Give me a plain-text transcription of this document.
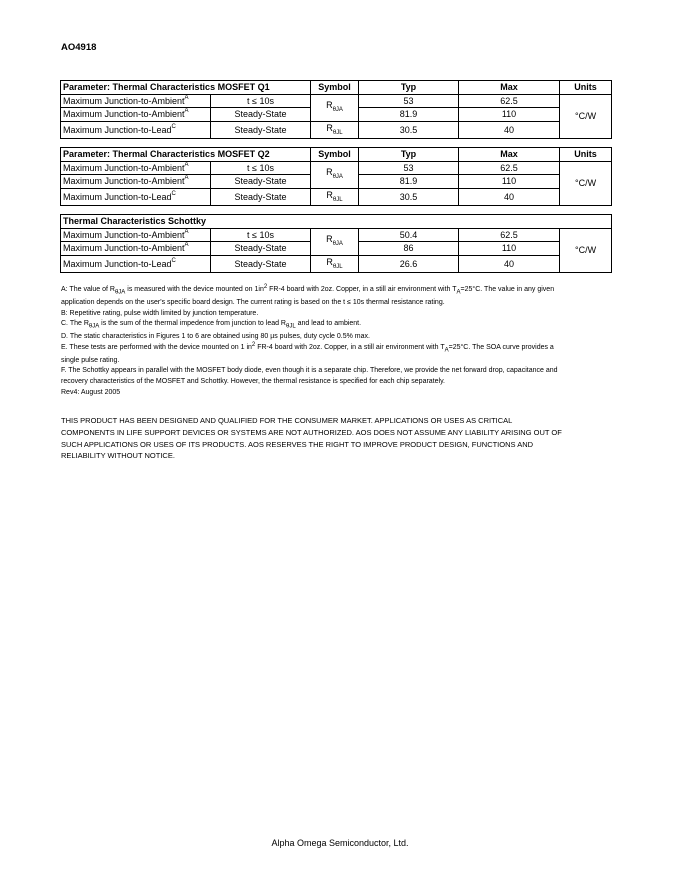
AO4918
Parameter: Thermal Characteristics MOSFET Q1		Symbol	Typ	Max	Units
Maximum Junction-to-Ambient$^A$	t ≤ 10s	$R_{\theta JA}$	53	62.5	°C/W
Maximum Junction-to-Ambient$^A$	Steady-State		81.9	110	
Maximum Junction-to-Lead$^C$	Steady-State	$R_{\theta JL}$	30.5	40	
Parameter: Thermal Characteristics MOSFET Q2		Symbol	Typ	Max	Units
Maximum Junction-to-Ambient$^A$	t ≤ 10s	$R_{\theta JA}$	53	62.5	°C/W
Maximum Junction-to-Ambient$^A$	Steady-State		81.9	110	
Maximum Junction-to-Lead$^C$	Steady-State	$R_{\theta JL}$	30.5	40	
Thermal Characteristics Schottky					
Maximum Junction-to-Ambient$^A$	t ≤ 10s	$R_{\theta JA}$	50.4	62.5	°C/W
Maximum Junction-to-Ambient$^A$	Steady-State		86	110	
Maximum Junction-to-Lead$^C$	Steady-State	$R_{\theta JL}$	26.6	40	

A: The value of $R_{\theta JA}$ is measured with the device mounted on $1in^2$ FR-4 board with 2oz. Copper, in a still air environment with $T_A=25^\circ C$. The value in any given application depends on the user's specific board design. The current rating is based on the t ≤ 10s thermal resistance rating.

B: Repetitive rating, pulse width limited by junction temperature.

C. The $R_{\theta JA}$ is the sum of the thermal impedence from junction to lead $R_{\theta JL}$ and lead to ambient.

D. The static characteristics in Figures 1 to 6 are obtained using 80 µs pulses, duty cycle 0.5% max.

E. These tests are performed with the device mounted on 1 $in^2$ FR-4 board with 2oz. Copper, in a still air environment with $T_A=25^\circ C$. The SOA curve provides a single pulse rating.

F. The Schottky appears in parallel with the MOSFET body diode, even though it is a separate chip. Therefore, we provide the net forward drop, capacitance and recovery characteristics of the MOSFET and Schottky. However, the thermal resistance is specified for each chip separately.

Rev4: August 2005

THIS PRODUCT HAS BEEN DESIGNED AND QUALIFIED FOR THE CONSUMER MARKET. APPLICATIONS OR USES AS CRITICAL COMPONENTS IN LIFE SUPPORT DEVICES OR SYSTEMS ARE NOT AUTHORIZED. AOS DOES NOT ASSUME ANY LIABILITY ARISING OUT OF SUCH APPLICATIONS OR USES OF ITS PRODUCTS. AOS RESERVES THE RIGHT TO IMPROVE PRODUCT DESIGN, FUNCTIONS AND RELIABILITY WITHOUT NOTICE.
Alpha Omega Semiconductor, Ltd.
